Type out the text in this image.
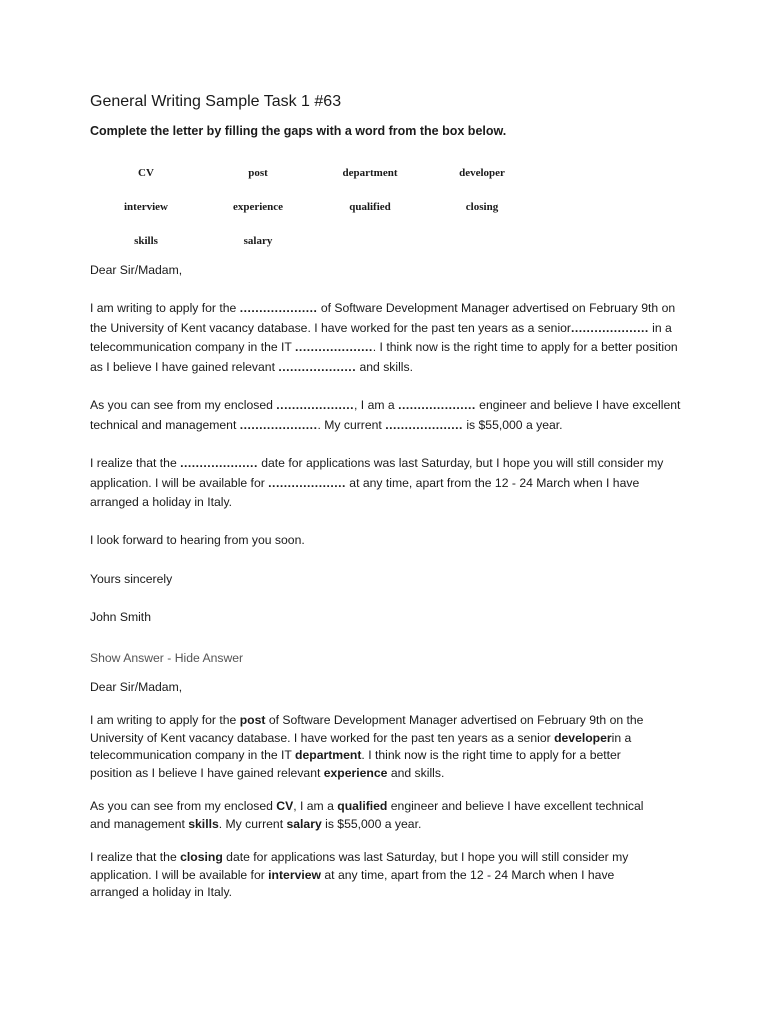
General Writing Sample Task 1 #63
Complete the letter by filling the gaps with a word from the box below.
CV	post	department	developer
interview	experience	qualified	closing
skills	salary

Dear Sir/Madam,

I am writing to apply for the .................... of Software Development Manager advertised on February 9th on the University of Kent vacancy database. I have worked for the past ten years as a senior.................... in a telecommunication company in the IT ..................... I think now is the right time to apply for a better position as I believe I have gained relevant .................... and skills.

As you can see from my enclosed ...................., I am a .................... engineer and believe I have excellent technical and management ..................... My current .................... is $55,000 a year.

I realize that the .................... date for applications was last Saturday, but I hope you will still consider my application. I will be available for .................... at any time, apart from the 12 - 24 March when I have arranged a holiday in Italy.

I look forward to hearing from you soon.

Yours sincerely

John Smith

Show Answer - Hide Answer

Dear Sir/Madam,

I am writing to apply for the post of Software Development Manager advertised on February 9th on the University of Kent vacancy database. I have worked for the past ten years as a senior developerin a telecommunication company in the IT department. I think now is the right time to apply for a better position as I believe I have gained relevant experience and skills.

As you can see from my enclosed CV, I am a qualified engineer and believe I have excellent technical and management skills. My current salary is $55,000 a year.

I realize that the closing date for applications was last Saturday, but I hope you will still consider my application. I will be available for interview at any time, apart from the 12 - 24 March when I have arranged a holiday in Italy.
